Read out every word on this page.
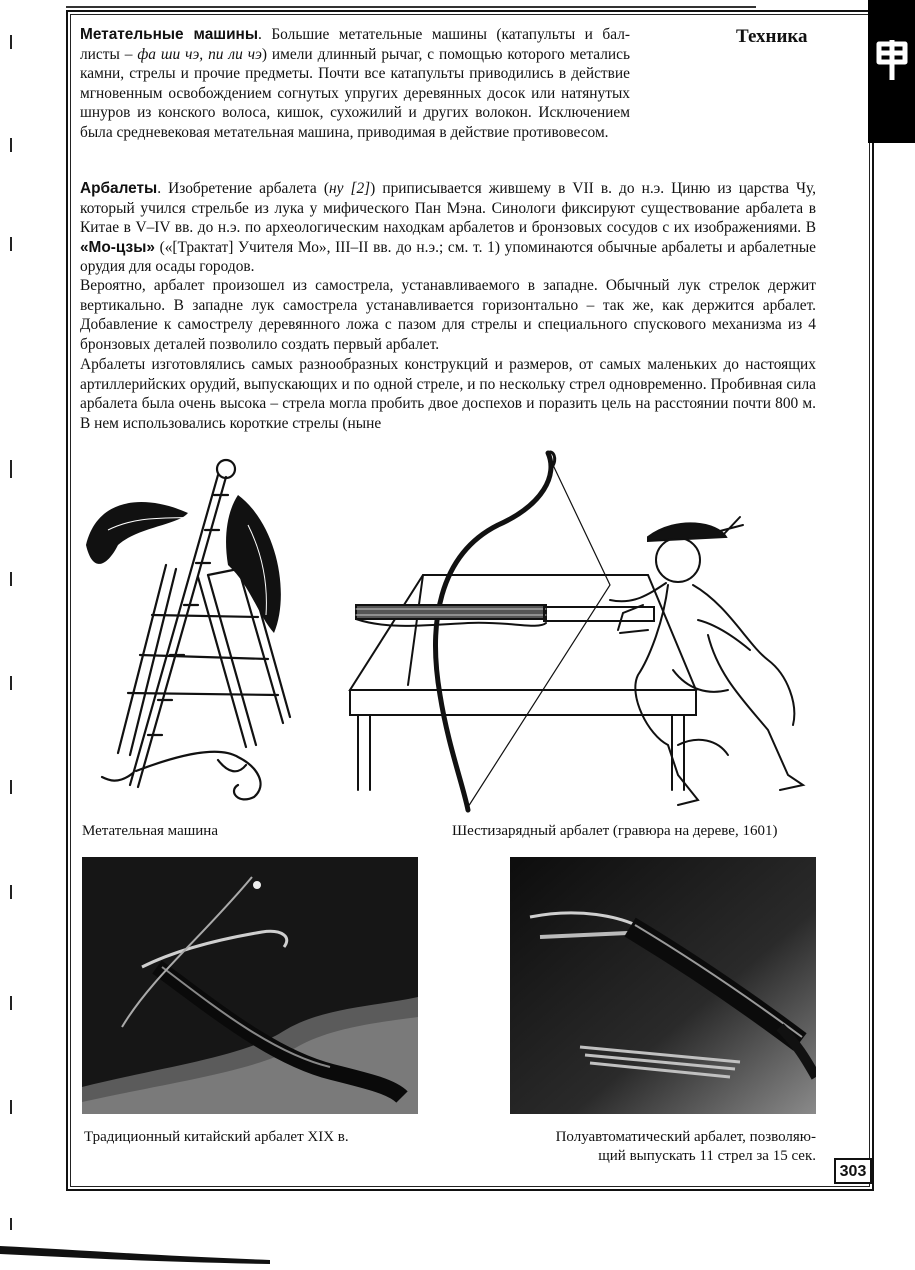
Техника
Метательные машины. Большие метательные машины (катапульты и бал-листы – фа ши чэ, пи ли чэ) имели длинный рычаг, с помощью которого метались камни, стрелы и прочие предметы. Почти все катапульты приводились в действие мгновенным освобождением согнутых упругих деревянных досок или натянутых шнуров из конского волоса, кишок, сухожилий и других волокон. Исключением была средневековая метательная машина, приводимая в действие противовесом.
Арбалеты. Изобретение арбалета (ну [2]) приписывается жившему в VII в. до н.э. Циню из царства Чу, который учился стрельбе из лука у мифического Пан Мэна. Синологи фиксируют существование арбалета в Китае в V–IV вв. до н.э. по археологическим находкам арбалетов и бронзовых сосудов с их изображениями. В «Мо-цзы» («[Трактат] Учителя Мо», III–II вв. до н.э.; см. т. 1) упоминаются обычные арбалеты и арбалетные орудия для осады городов.
Вероятно, арбалет произошел из самострела, устанавливаемого в западне. Обычный лук стрелок держит вертикально. В западне лук самострела устанавливается горизонтально – так же, как держится арбалет. Добавление к самострелу деревянного ложа с пазом для стрелы и специального спускового механизма из 4 бронзовых деталей позволило создать первый арбалет.
Арбалеты изготовлялись самых разнообразных конструкций и размеров, от самых маленьких до настоящих артиллерийских орудий, выпускающих и по одной стреле, и по нескольку стрел одновременно. Пробивная сила арбалета была очень высока – стрела могла пробить двое доспехов и поразить цель на расстоянии почти 800 м. В нем использовались короткие стрелы (ныне
Метательная машина	Шестизарядный арбалет (гравюра на дереве, 1601)
Традиционный китайский арбалет XIX в.	Полуавтоматический арбалет, позволяю-
щий выпускать 11 стрел за 15 сек.
303
